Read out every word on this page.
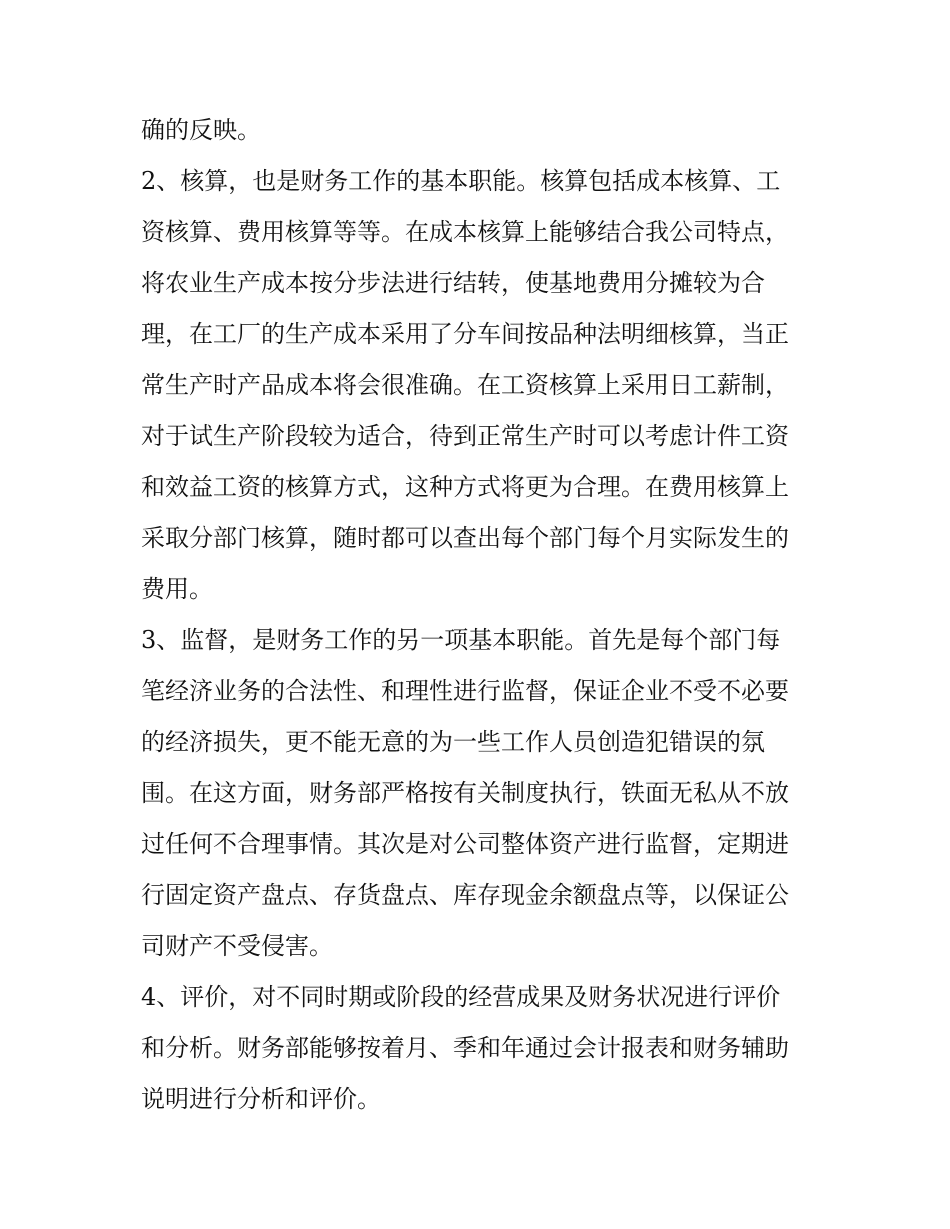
确的反映。
2、核算，也是财务工作的基本职能。核算包括成本核算、工
资核算、费用核算等等。在成本核算上能够结合我公司特点，
将农业生产成本按分步法进行结转，使基地费用分摊较为合
理，在工厂的生产成本采用了分车间按品种法明细核算，当正
常生产时产品成本将会很准确。在工资核算上采用日工薪制，
对于试生产阶段较为适合，待到正常生产时可以考虑计件工资
和效益工资的核算方式，这种方式将更为合理。在费用核算上
采取分部门核算，随时都可以查出每个部门每个月实际发生的
费用。
3、监督，是财务工作的另一项基本职能。首先是每个部门每
笔经济业务的合法性、和理性进行监督，保证企业不受不必要
的经济损失，更不能无意的为一些工作人员创造犯错误的氛
围。在这方面，财务部严格按有关制度执行，铁面无私从不放
过任何不合理事情。其次是对公司整体资产进行监督，定期进
行固定资产盘点、存货盘点、库存现金余额盘点等，以保证公
司财产不受侵害。
4、评价，对不同时期或阶段的经营成果及财务状况进行评价
和分析。财务部能够按着月、季和年通过会计报表和财务辅助
说明进行分析和评价。
